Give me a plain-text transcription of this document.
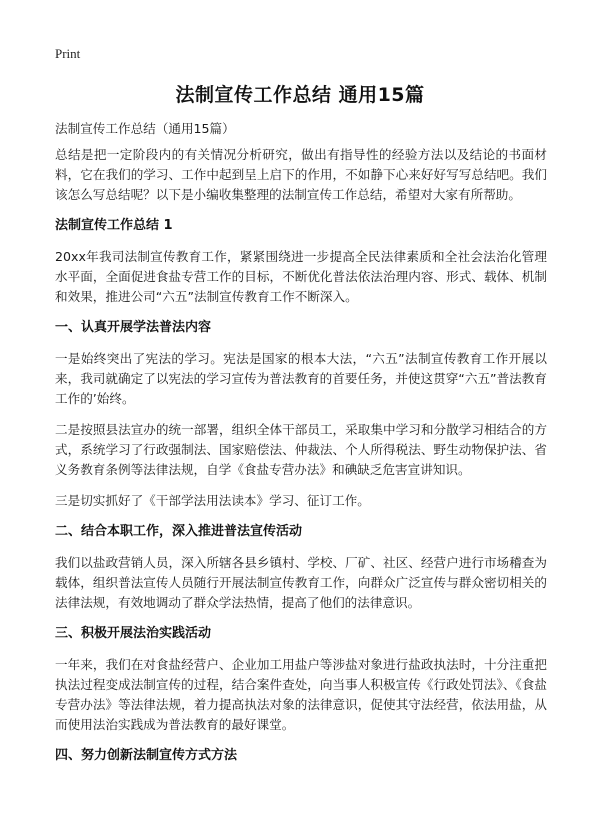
Print
法制宣传工作总结 通用15篇

法制宣传工作总结（通用15篇）

总结是把一定阶段内的有关情况分析研究，做出有指导性的经验方法以及结论的书面材料，它在我们的学习、工作中起到呈上启下的作用，不如静下心来好好写写总结吧。我们该怎么写总结呢？以下是小编收集整理的法制宣传工作总结，希望对大家有所帮助。

法制宣传工作总结 1

20xx年我司法制宣传教育工作，紧紧围绕进一步提高全民法律素质和全社会法治化管理水平面，全面促进食盐专营工作的目标，不断优化普法依法治理内容、形式、载体、机制和效果，推进公司“六五”法制宣传教育工作不断深入。

一、认真开展学法普法内容

一是始终突出了宪法的学习。宪法是国家的根本大法，“六五”法制宣传教育工作开展以来，我司就确定了以宪法的学习宣传为普法教育的首要任务，并使这贯穿“六五”普法教育工作的’始终。

二是按照县法宣办的统一部署，组织全体干部员工，采取集中学习和分散学习相结合的方式，系统学习了行政强制法、国家赔偿法、仲裁法、个人所得税法、野生动物保护法、省义务教育条例等法律法规，自学《食盐专营办法》和碘缺乏危害宣讲知识。

三是切实抓好了《干部学法用法读本》学习、征订工作。

二、结合本职工作，深入推进普法宣传活动

我们以盐政营销人员，深入所辖各县乡镇村、学校、厂矿、社区、经营户进行市场稽查为载体，组织普法宣传人员随行开展法制宣传教育工作，向群众广泛宣传与群众密切相关的法律法规，有效地调动了群众学法热情，提高了他们的法律意识。

三、积极开展法治实践活动

一年来，我们在对食盐经营户、企业加工用盐户等涉盐对象进行盐政执法时，十分注重把执法过程变成法制宣传的过程，结合案件查处，向当事人积极宣传《行政处罚法》、《食盐专营办法》等法律法规，着力提高执法对象的法律意识，促使其守法经营，依法用盐，从而使用法治实践成为普法教育的最好课堂。

四、努力创新法制宣传方式方法
